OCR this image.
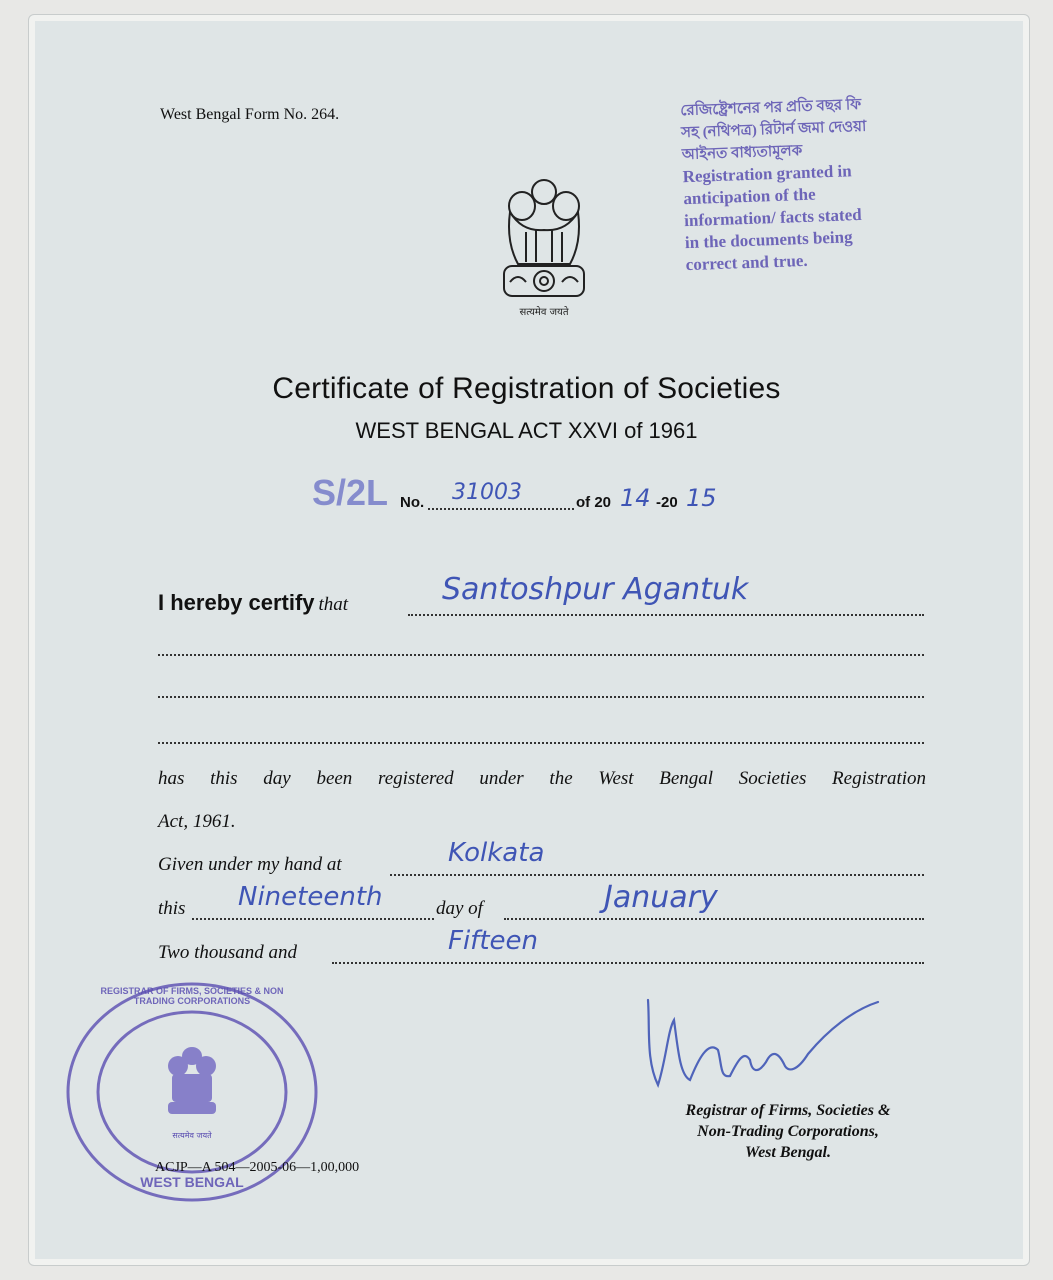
West Bengal Form No. 264.	রেজিষ্ট্রেশনের পর প্রতি বছর ফি
সহ (নথিপত্র) রিটার্ন জমা দেওয়া
আইনত বাধ্যতামূলক
Registration granted in
anticipation of the
information/ facts stated
in the documents being
correct and true.
सत्यमेव जयते
Certificate of Registration of Societies
WEST BENGAL ACT XXVI of 1961
S/2L No. 31003	of 20 14 -20 15
I hereby certify that	Santoshpur Agantuk
has this day been registered under the West Bengal Societies Registration
Act, 1961.
Given under my hand at	Kolkata
this Nineteenth	day of	January
Two thousand and	Fifteen
REGISTRAR OF FIRMS, SOCIETIES & NON TRADING CORPORATIONS
सत्यमेव जयते
WEST BENGAL
ACJP—A 504—2005-06—1,00,000
Registrar of Firms, Societies &
Non-Trading Corporations,
West Bengal.
